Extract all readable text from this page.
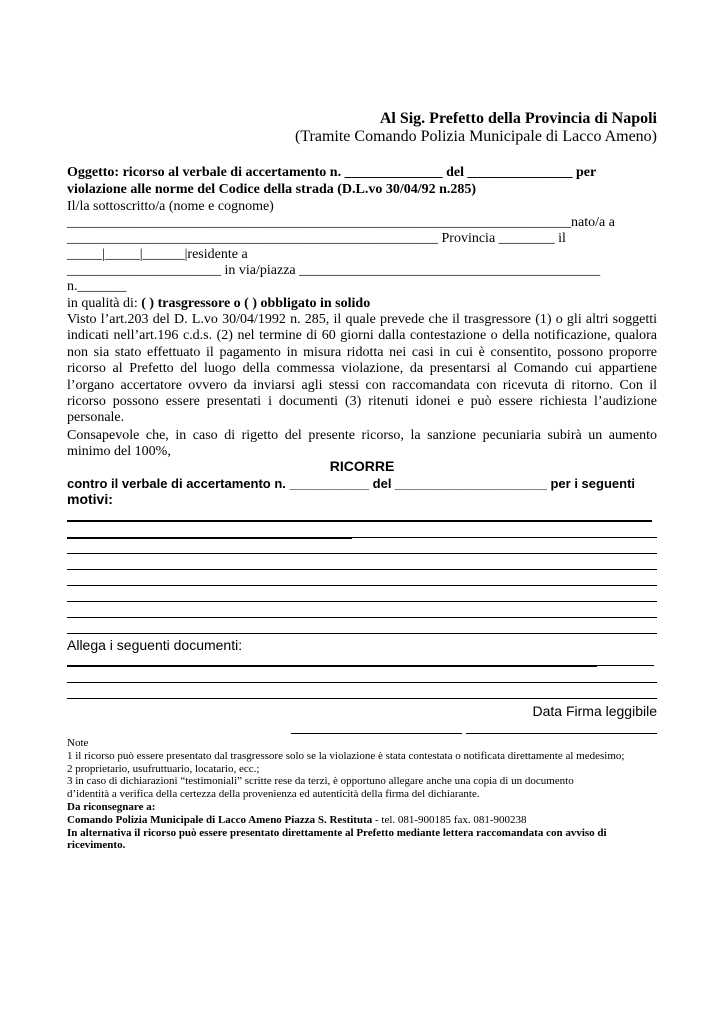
Al Sig. Prefetto della Provincia di Napoli
(Tramite Comando Polizia Municipale di Lacco Ameno)
Oggetto: ricorso al verbale di accertamento n. ______________ del _______________ per
violazione alle norme del Codice della strada (D.L.vo 30/04/92 n.285)
Il/la sottoscritto/a (nome e cognome)
________________________________________________________________________nato/a a
_____________________________________________________ Provincia ________ il
_____|_____|______|residente a
______________________ in via/piazza ___________________________________________
n._______
in qualità di: ( ) trasgressore o ( ) obbligato in solido
Visto l’art.203 del D. L.vo 30/04/1992 n. 285, il quale prevede che il trasgressore (1) o gli altri soggetti indicati nell’art.196 c.d.s. (2) nel termine di 60 giorni dalla contestazione o della notificazione, qualora non sia stato effettuato il pagamento in misura ridotta nei casi in cui è consentito, possono proporre ricorso al Prefetto del luogo della commessa violazione, da presentarsi al Comando cui appartiene l’organo accertatore ovvero da inviarsi agli stessi con raccomandata con ricevuta di ritorno. Con il ricorso possono essere presentati i documenti (3) ritenuti idonei e può essere richiesta l’audizione personale.
Consapevole che, in caso di rigetto del presente ricorso, la sanzione pecuniaria subirà un aumento minimo del 100%,
RICORRE
contro il verbale di accertamento n. ___________ del _____________________ per i seguenti
motivi:
Allega i seguenti documenti:
Data Firma leggibile
Note
1 il ricorso può essere presentato dal trasgressore solo se la violazione è stata contestata o notificata direttamente al medesimo;
2 proprietario, usufruttuario, locatario, ecc.;
3 in caso di dichiarazioni “testimoniali” scritte rese da terzi, è opportuno allegare anche una copia di un documento
d’identità a verifica della certezza della provenienza ed autenticità della firma del dichiarante.
Da riconsegnare a:
Comando Polizia Municipale di Lacco Ameno Piazza S. Restituta - tel. 081-900185 fax. 081-900238
In alternativa il ricorso può essere presentato direttamente al Prefetto mediante lettera raccomandata con avviso di ricevimento.
